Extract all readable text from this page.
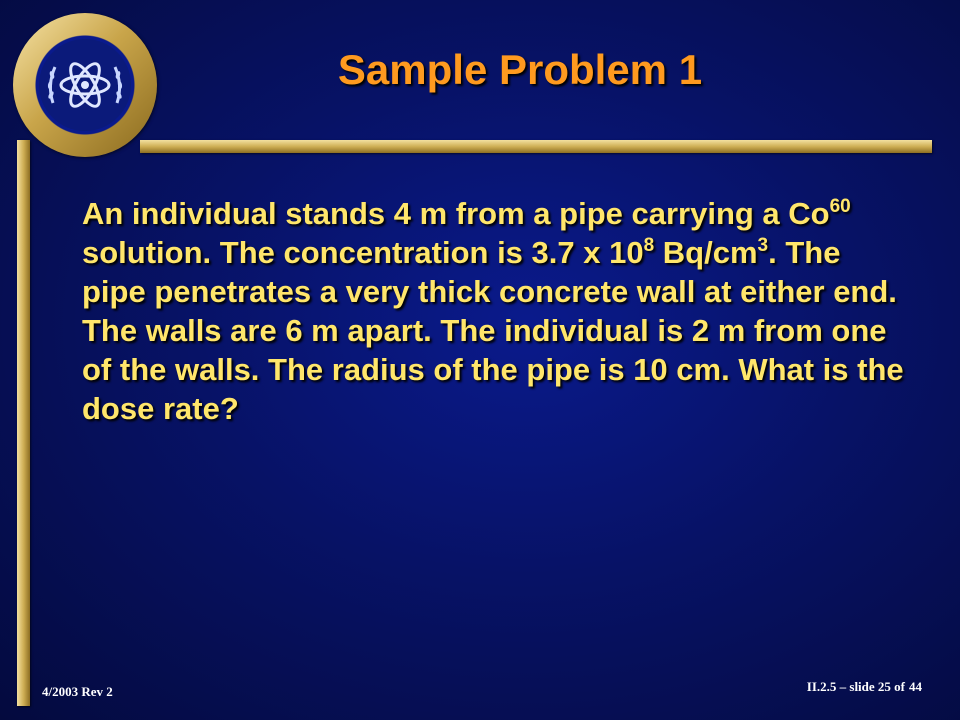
Sample Problem 1
An individual stands 4 m from a pipe carrying a Co$^{60}$ solution. The concentration is 3.7 x $10^8$ $Bq/cm^3$. The pipe penetrates a very thick concrete wall at either end. The walls are 6 m apart. The individual is 2 m from one of the walls. The radius of the pipe is 10 cm. What is the dose rate?
4/2003 Rev 2	II.2.5 – slide 25 of 44
